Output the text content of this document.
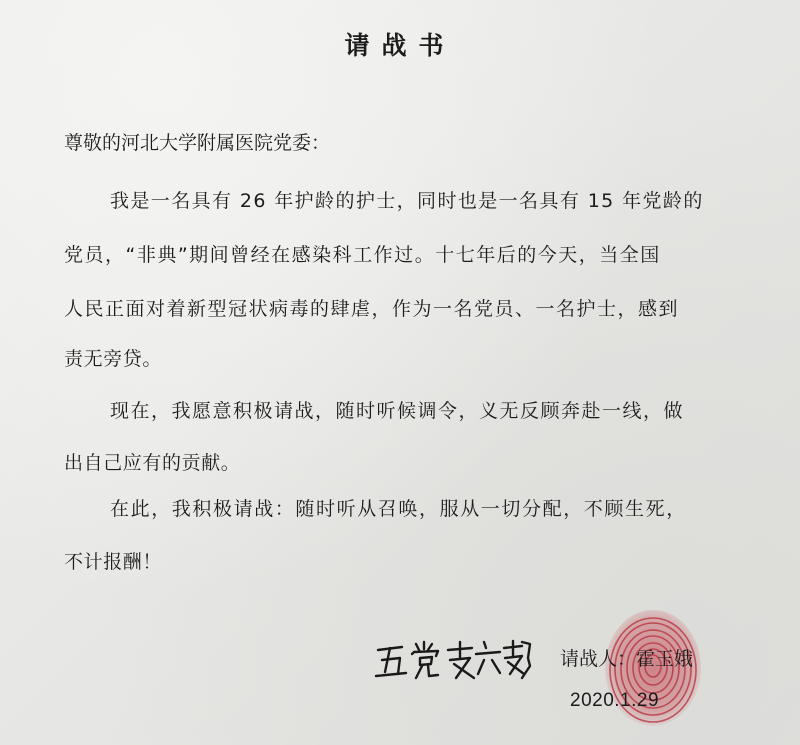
请战书

尊敬的河北大学附属医院党委：

我是一名具有 26 年护龄的护士，同时也是一名具有 15 年党龄的

党员，“非典”期间曾经在感染科工作过。十七年后的今天，当全国

人民正面对着新型冠状病毒的肆虐，作为一名党员、一名护士，感到

责无旁贷。

现在，我愿意积极请战，随时听候调令，义无反顾奔赴一线，做

出自己应有的贡献。

在此，我积极请战：随时听从召唤，服从一切分配，不顾生死，

不计报酬！

请战人：霍玉娥

2020.1.29
